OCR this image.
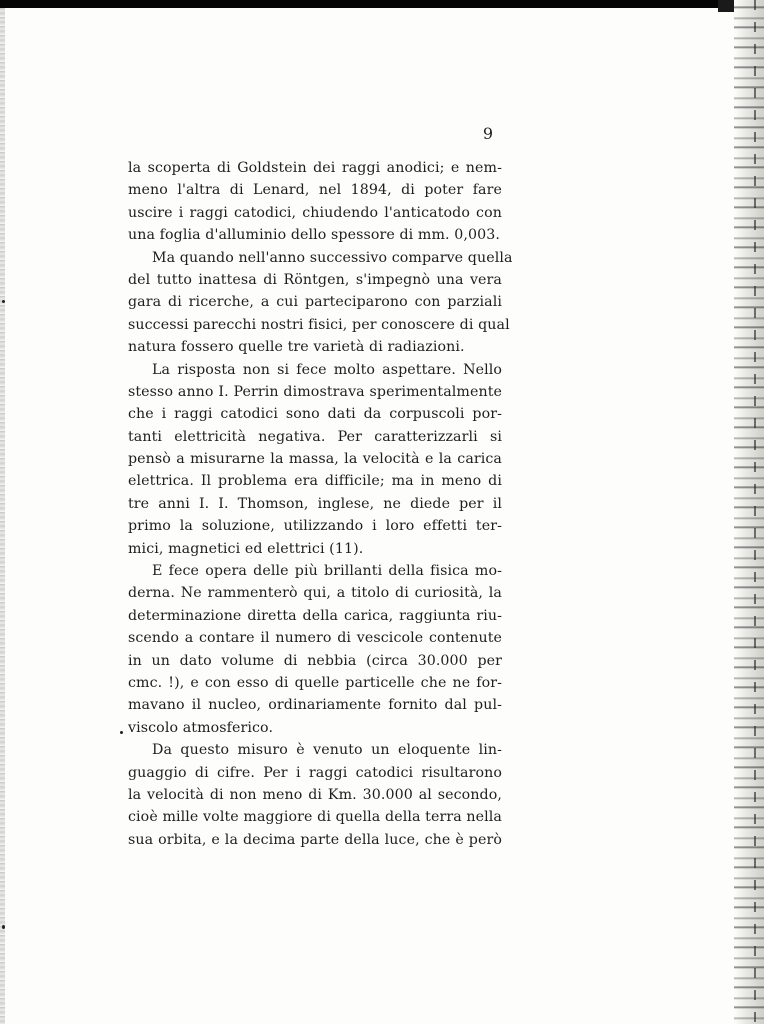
9

la scoperta di Goldstein dei raggi anodici; e nem-
meno l'altra di Lenard, nel 1894, di poter fare
uscire i raggi catodici, chiudendo l'anticatodo con
una foglia d'alluminio dello spessore di mm. 0,003.

Ma quando nell'anno successivo comparve quella
del tutto inattesa di Röntgen, s'impegnò una vera
gara di ricerche, a cui parteciparono con parziali
successi parecchi nostri fisici, per conoscere di qual
natura fossero quelle tre varietà di radiazioni.

La risposta non si fece molto aspettare. Nello
stesso anno I. Perrin dimostrava sperimentalmente
che i raggi catodici sono dati da corpuscoli por-
tanti elettricità negativa. Per caratterizzarli si
pensò a misurarne la massa, la velocità e la carica
elettrica. Il problema era difficile; ma in meno di
tre anni I. I. Thomson, inglese, ne diede per il
primo la soluzione, utilizzando i loro effetti ter-
mici, magnetici ed elettrici (11).

E fece opera delle più brillanti della fisica mo-
derna. Ne rammenterò qui, a titolo di curiosità, la
determinazione diretta della carica, raggiunta riu-
scendo a contare il numero di vescicole contenute
in un dato volume di nebbia (circa 30.000 per
cmc. !), e con esso di quelle particelle che ne for-
mavano il nucleo, ordinariamente fornito dal pul-
viscolo atmosferico.

Da questo misuro è venuto un eloquente lin-
guaggio di cifre. Per i raggi catodici risultarono
la velocità di non meno di Km. 30.000 al secondo,
cioè mille volte maggiore di quella della terra nella
sua orbita, e la decima parte della luce, che è però
